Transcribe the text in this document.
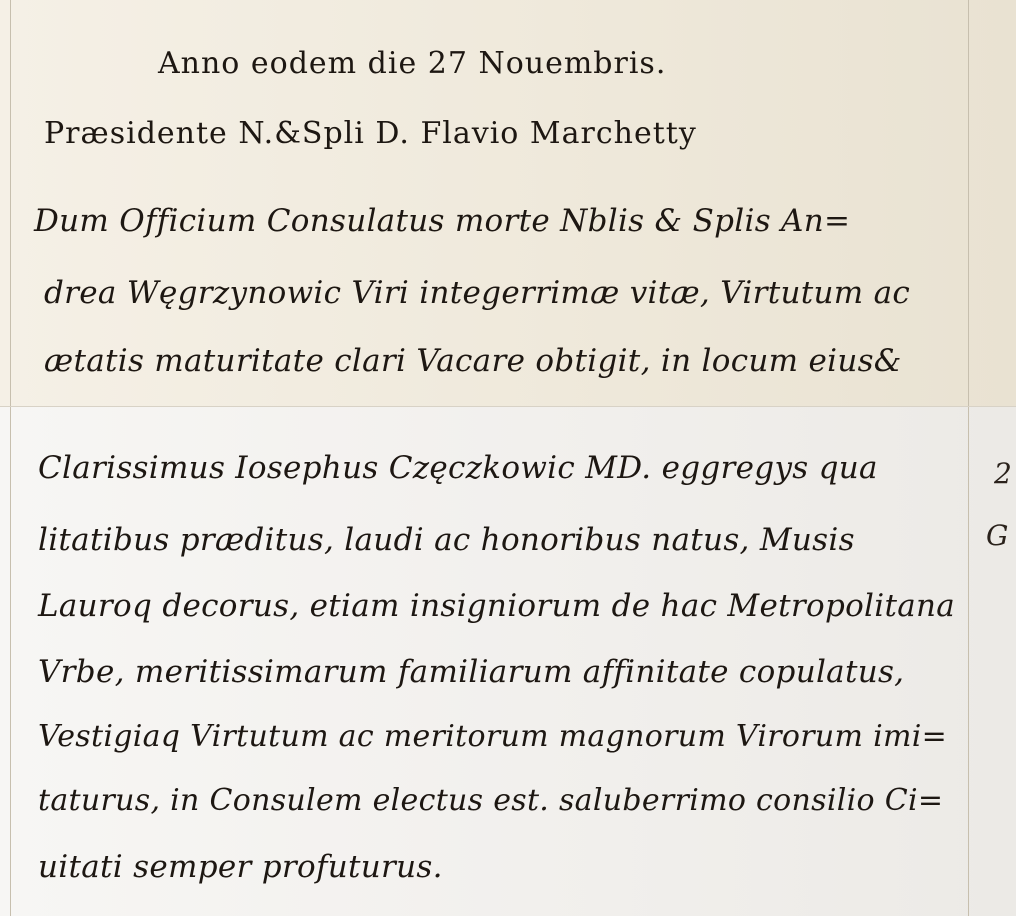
Anno eodem die 27 Nouembris.
Præsidente N.&Spli D. Flavio Marchetty
Dum Officium Consulatus morte Nblis & Splis An=
drea Węgrzynowic Viri integerrimæ vitæ, Virtutum ac
ætatis maturitate clari Vacare obtigit, in locum eius&
Clarissimus Iosephus Częczkowic MD. eggregys qua
litatibus præditus, laudi ac honoribus natus, Musis
Lauroq decorus, etiam insigniorum de hac Metropolitana
Vrbe, meritissimarum familiarum affinitate copulatus,
Vestigiaq Virtutum ac meritorum magnorum Virorum imi=
taturus, in Consulem electus est. saluberrimo consilio Ci=
uitati semper profuturus.
2
G
